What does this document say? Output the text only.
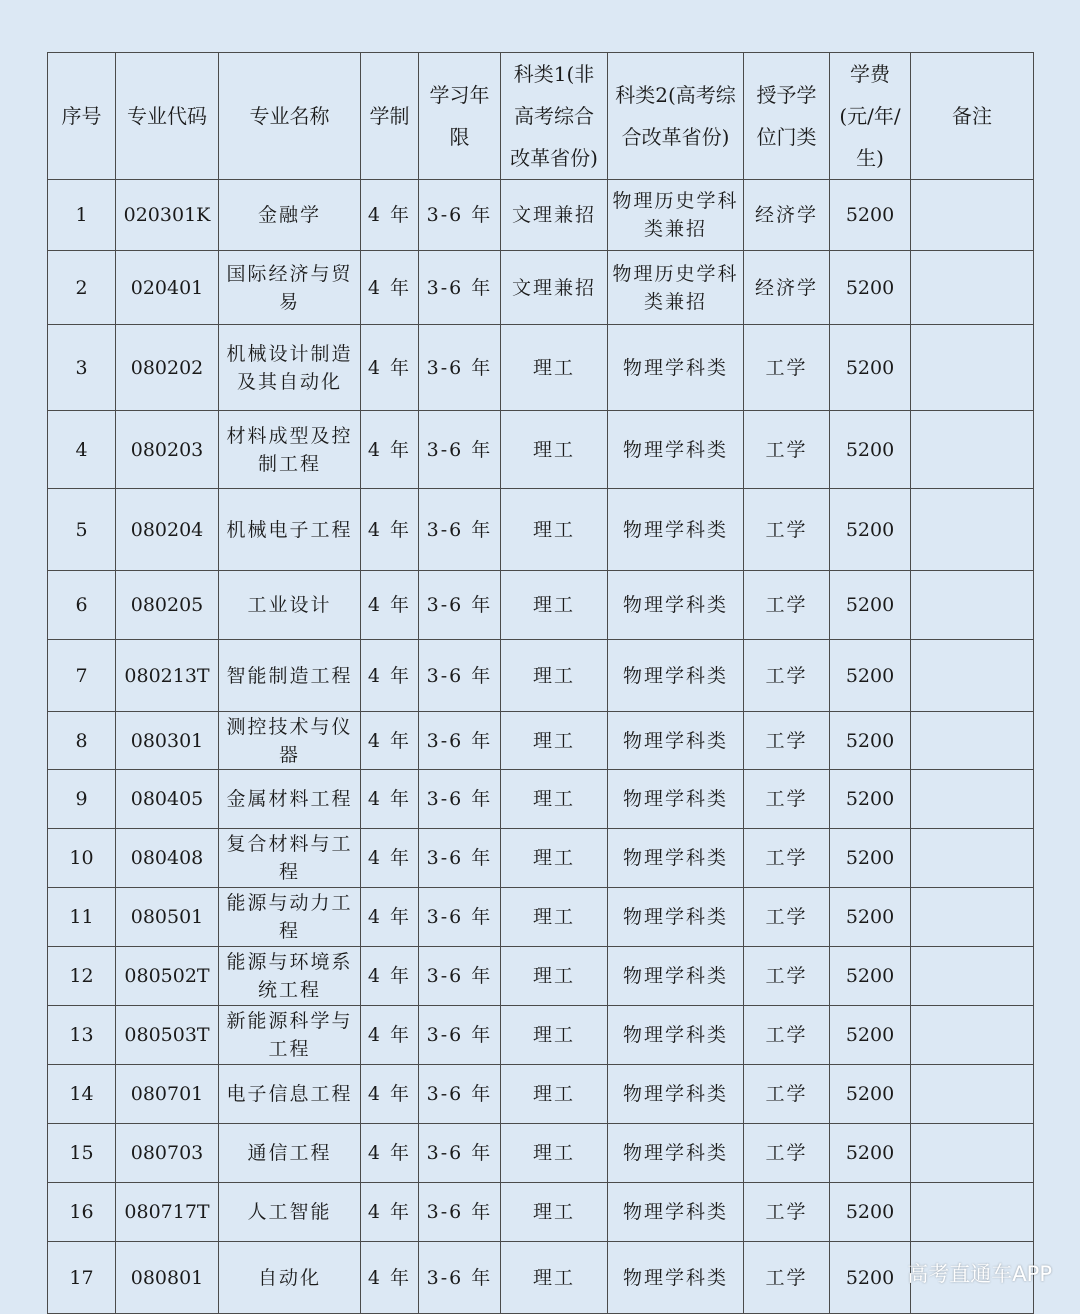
序号	专业代码	专业名称	学制	学习年限	科类1(非高考综合改革省份)	科类2(高考综合改革省份)	授予学位门类	学费(元/年/生)	备注
1	020301K	金融学	4 年	3-6 年	文理兼招	物理历史学科类兼招	经济学	5200	
2	020401	国际经济与贸易	4 年	3-6 年	文理兼招	物理历史学科类兼招	经济学	5200	
3	080202	机械设计制造及其自动化	4 年	3-6 年	理工	物理学科类	工学	5200	
4	080203	材料成型及控制工程	4 年	3-6 年	理工	物理学科类	工学	5200	
5	080204	机械电子工程	4 年	3-6 年	理工	物理学科类	工学	5200	
6	080205	工业设计	4 年	3-6 年	理工	物理学科类	工学	5200	
7	080213T	智能制造工程	4 年	3-6 年	理工	物理学科类	工学	5200	
8	080301	测控技术与仪器	4 年	3-6 年	理工	物理学科类	工学	5200	
9	080405	金属材料工程	4 年	3-6 年	理工	物理学科类	工学	5200	
10	080408	复合材料与工程	4 年	3-6 年	理工	物理学科类	工学	5200	
11	080501	能源与动力工程	4 年	3-6 年	理工	物理学科类	工学	5200	
12	080502T	能源与环境系统工程	4 年	3-6 年	理工	物理学科类	工学	5200	
13	080503T	新能源科学与工程	4 年	3-6 年	理工	物理学科类	工学	5200	
14	080701	电子信息工程	4 年	3-6 年	理工	物理学科类	工学	5200	
15	080703	通信工程	4 年	3-6 年	理工	物理学科类	工学	5200	
16	080717T	人工智能	4 年	3-6 年	理工	物理学科类	工学	5200	
17	080801	自动化	4 年	3-6 年	理工	物理学科类	工学	5200	高考直通车APP
